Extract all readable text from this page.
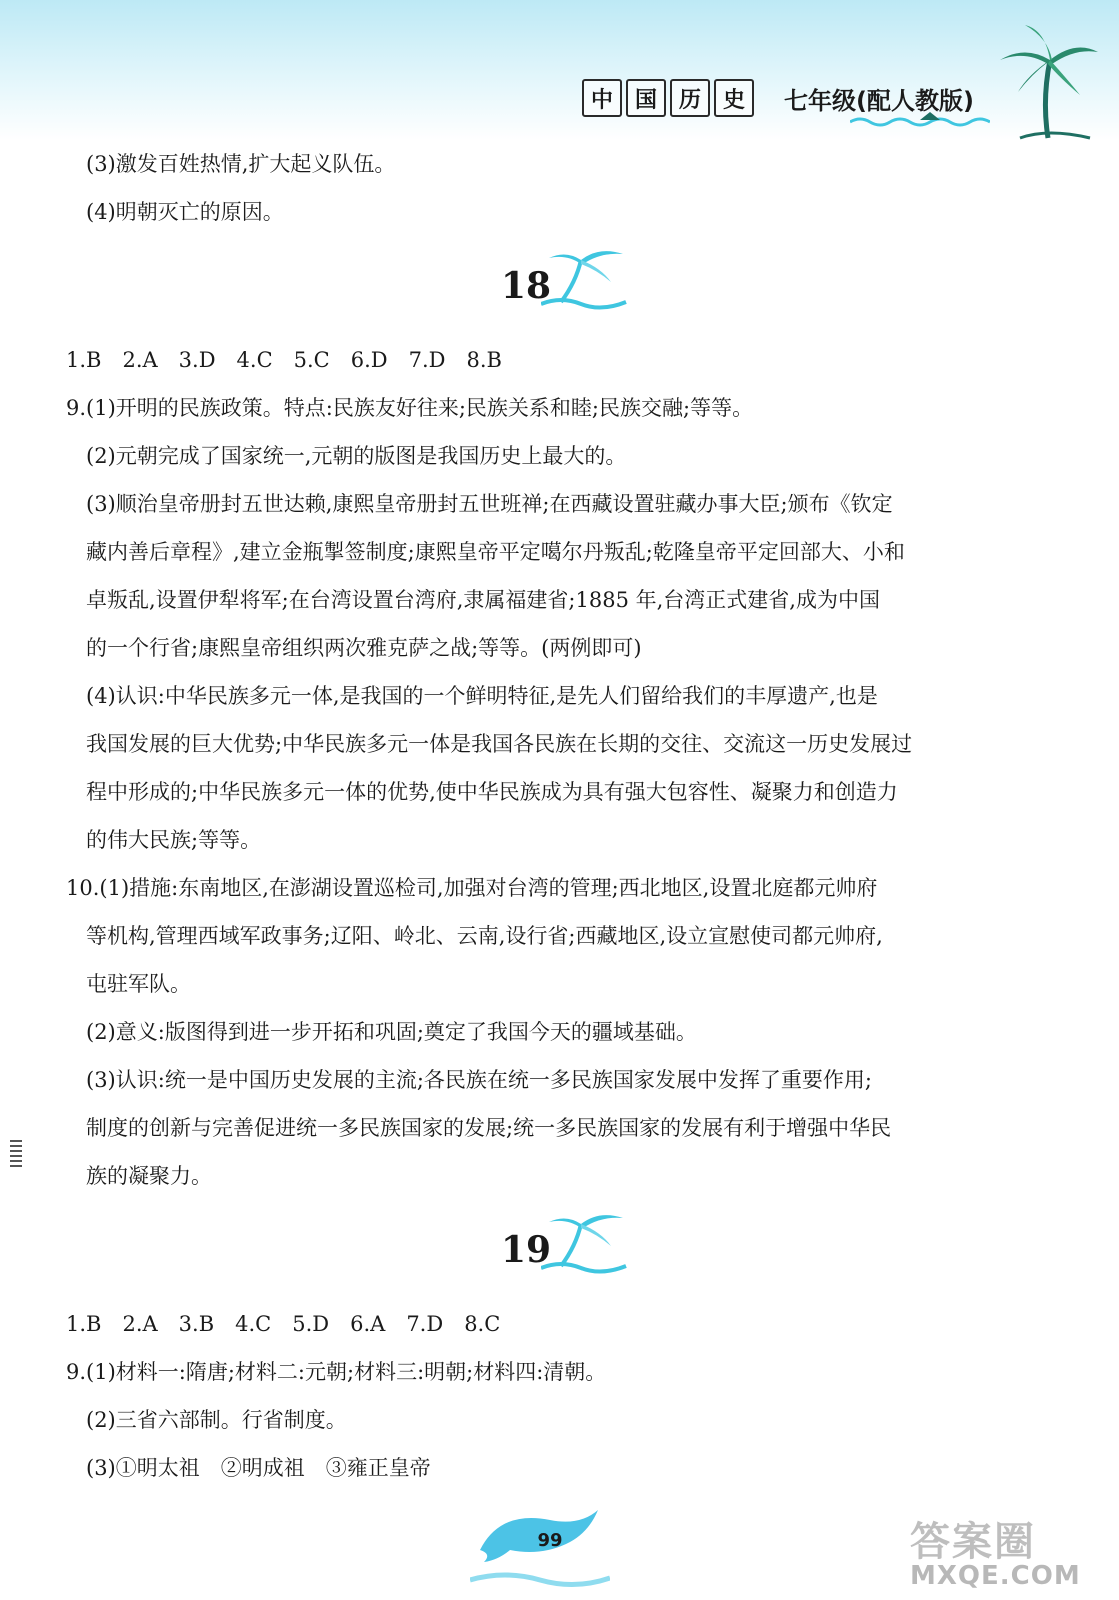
中 国 历 史	七年级(配人教版)
(3)激发百姓热情,扩大起义队伍。
(4)明朝灭亡的原因。
18
1.B　2.A　3.D　4.C　5.C　6.D　7.D　8.B
9.(1)开明的民族政策。特点:民族友好往来;民族关系和睦;民族交融;等等。
(2)元朝完成了国家统一,元朝的版图是我国历史上最大的。
(3)顺治皇帝册封五世达赖,康熙皇帝册封五世班禅;在西藏设置驻藏办事大臣;颁布《钦定
藏内善后章程》,建立金瓶掣签制度;康熙皇帝平定噶尔丹叛乱;乾隆皇帝平定回部大、小和
卓叛乱,设置伊犁将军;在台湾设置台湾府,隶属福建省;1885 年,台湾正式建省,成为中国
的一个行省;康熙皇帝组织两次雅克萨之战;等等。(两例即可)
(4)认识:中华民族多元一体,是我国的一个鲜明特征,是先人们留给我们的丰厚遗产,也是
我国发展的巨大优势;中华民族多元一体是我国各民族在长期的交往、交流这一历史发展过
程中形成的;中华民族多元一体的优势,使中华民族成为具有强大包容性、凝聚力和创造力
的伟大民族;等等。
10.(1)措施:东南地区,在澎湖设置巡检司,加强对台湾的管理;西北地区,设置北庭都元帅府
等机构,管理西域军政事务;辽阳、岭北、云南,设行省;西藏地区,设立宣慰使司都元帅府,
屯驻军队。
(2)意义:版图得到进一步开拓和巩固;奠定了我国今天的疆域基础。
(3)认识:统一是中国历史发展的主流;各民族在统一多民族国家发展中发挥了重要作用;
制度的创新与完善促进统一多民族国家的发展;统一多民族国家的发展有利于增强中华民
族的凝聚力。
19
1.B　2.A　3.B　4.C　5.D　6.A　7.D　8.C
9.(1)材料一:隋唐;材料二:元朝;材料三:明朝;材料四:清朝。
(2)三省六部制。行省制度。
(3)①明太祖　②明成祖　③雍正皇帝
99	答案圈
MXQE.COM
